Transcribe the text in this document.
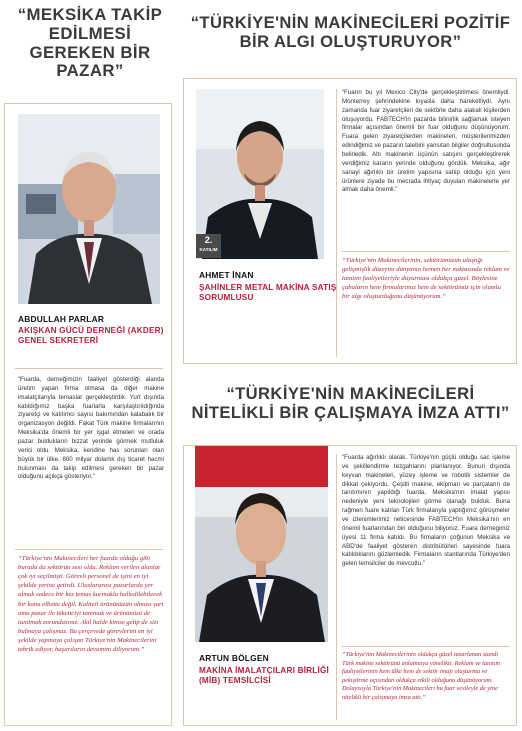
“MEKSİKA TAKİP EDİLMESİ GEREKEN BİR PAZAR”
ABDULLAH PARLAR
AKIŞKAN GÜCÜ DERNEĞİ (AKDER) GENEL SEKRETERİ
“Fuarda, derneğimizin faaliyet gösterdiği alanda üretim yapan firma olmasa da diğer makine imalatçılarıyla temaslar gerçekleştirdik. Yurt dışında katıldığımız başka fuarlarla karşılaştırıldığında ziyaretçi ve katılımcı sayısı bakımından kalabalık bir organizasyon değildi. Fakat Türk makine firmalarının Meksika'da önemli bir yer işgal etmeleri ve orada pazar buldukların bizzat yerinde görmek mutluluk verici oldu. Meksika, kendine has sorunları olan büyük bir ülke. 800 milyar dolarlık dış ticaret hacmi bulunması da takip edilmesi gereken bir pazar olduğunu açıkça gösteriyor.”
“Türkiye'nin Makinecileri her fuarda olduğu gibi burada da sektörün sesi oldu. Reklam verilen alanlar çok iyi seçilmişti. Görevli personel de işini en iyi şekilde yerine getirdi. Uluslararası pazarlarda yer almak sadece bir kez temas kurmakla halledilebilecek bir konu elbette değil. Kaliteli ürününüzün olması şart ama pazar ile tüketiciyi tanımak ve ürününüzü de tanıtmak zorundasınız. Akıl halde kimse gelip de sizi bulmaya çalışmaz. Bu çerçevede görevlerini en iyi şekilde yapmaya çalışan Türkiye'nin Makinecilerini tebrik ediyor, başarıların devamını diliyorum.”
“TÜRKİYE'NİN MAKİNECİLERİ POZİTİF BİR ALGI OLUŞTURUYOR”
2.
KATILIM
AHMET İNAN
ŞAHİNLER METAL MAKİNA SATIŞ SORUMLUSU
“Fuarın bu yıl Mexico City'de gerçekleştirilmesi önemliydi. Monterrey şehrindekine kıyasla daha hareketliydi. Aynı zamanda fuar ziyaretçileri de sektörle daha alakalı kişilerden oluşuyordu. FABTECH'in pazarda bilinirlik sağlamak isteyen firmalar açısından önemli bir fuar olduğunu düşünüyorum. Fuara gelen ziyaretçilerden makineleri, müşterilerimizden edindiğimiz ve pazarın talebini yansıtan bilgiler doğrultusunda belirledik. Altı makinenin üçünün satışını gerçekleştirerek verdiğimiz kararın yerinde olduğunu gördük. Meksika, ağır sanayi ağırlıklı bir üretim yapısına sahip olduğu için yeni ürünlere ziyade bu mecrada ihtiyaç duyulan makinelerle yer almak daha önemli.”
“Türkiye'nin Makinecilerinin, sektörümüzün ulaştığı gelişmişlik düzeyini dünyanın hemen her noktasında reklam ve tanıtım faaliyetleriyle duyurması oldukça güzel. Böylesine çabaların hem firmalarımız hem de sektörümüz için olumlu bir algı oluşturduğunu düşünüyorum.”
“TÜRKİYE'NİN MAKİNECİLERİ NİTELİKLİ BİR ÇALIŞMAYA İMZA ATTI”
ARTUN BÖLGEN
MAKİNA İMALATÇILARI BİRLİĞİ (MİB) TEMSİLCİSİ
“Fuarda ağırlıklı olarak, Türkiye'nin güçlü olduğu sac işleme ve şekillendirme tezgahlarını planlanıyor. Bunun dışında keyvan makineleri, yüzey işleme ve robotik sistemler de dikkat çekiyordu. Çeşitli makine, ekipman ve parçaların de tanıtımının yapıldığı fuarda, Meksika'nın imalat yapısı nedeniyle yeni teknolojileri görme olanağı bulduk. Buna rağmen fuare katılan Türk firmalarıyla yaptığımız görüşmeler ve izlenimlerimiz neticesinde FABTECH'in Meksika'nın en önemli fuarlarından biri olduğunu biliyoruz. Fuara dernegimiz üyesi 11 firma katıldı. Bu firmaların çoğunun Meksika ve ABD'de faaliyet gösteren distribütörleri sayesinde fuara katıldıklarını gözlemledik. Firmaların stantlarında Türkiye'den gelen temsilciler de mevcuttu.”
“Türkiye'nin Makinecilerinin oldukça güzel tasarlanan standı Türk makine sektörünü anlatmaya yönelikti. Reklam ve tanıtım faaliyetlerinin hem ülke hem de sektör imajı oluşturma ve pekiştirme açısından oldukça etkili olduğunu düşünüyorum. Dolayısıyla Türkiye'nin Makinecileri bu fuar vesileyle de yine nitelikli bir çalışmaya imza attı.”
